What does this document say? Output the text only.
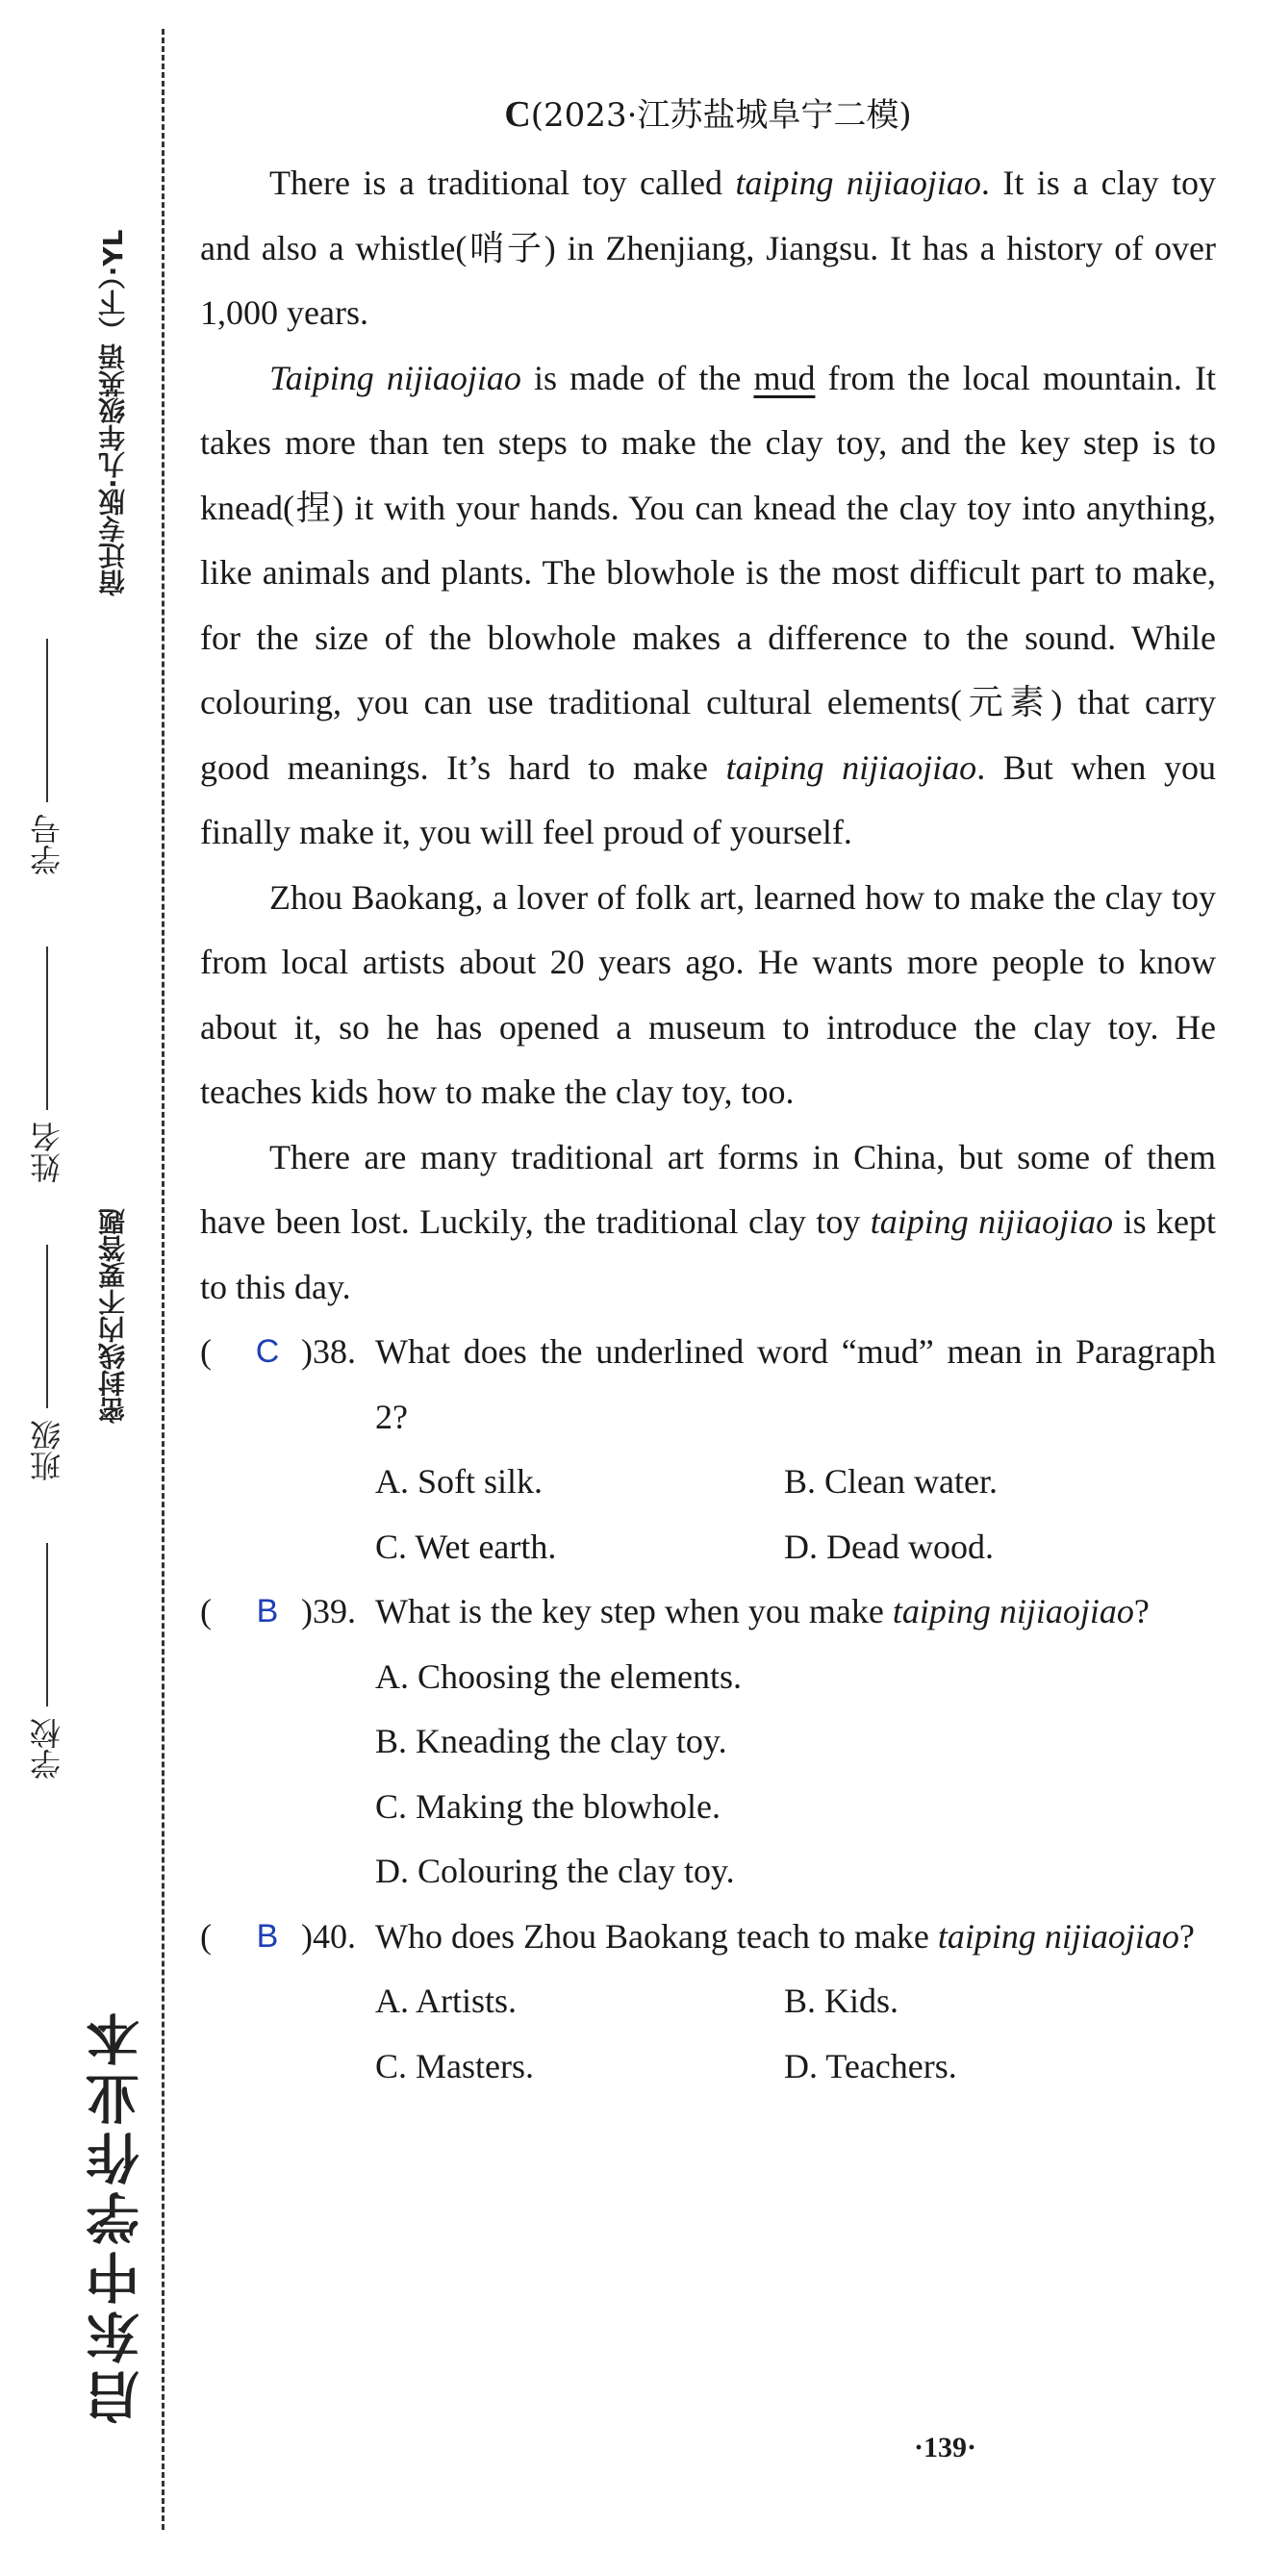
宿迁专版·九年级英语（下）·YL
学号
姓名
密封线内不要答题
班级
学校
启东中学作业本
C(2023·江苏盐城阜宁二模)

There is a traditional toy called taiping nijiaojiao. It is a clay toy and also a whistle(哨子) in Zhenjiang, Jiangsu. It has a history of over 1,000 years.

Taiping nijiaojiao is made of the mud from the local mountain. It takes more than ten steps to make the clay toy, and the key step is to knead(捏) it with your hands. You can knead the clay toy into anything, like animals and plants. The blowhole is the most difficult part to make, for the size of the blowhole makes a difference to the sound. While colouring, you can use traditional cultural elements(元素) that carry good meanings. It’s hard to make taiping nijiaojiao. But when you finally make it, you will feel proud of yourself.

Zhou Baokang, a lover of folk art, learned how to make the clay toy from local artists about 20 years ago. He wants more people to know about it, so he has opened a museum to introduce the clay toy. He teaches kids how to make the clay toy, too.

There are many traditional art forms in China, but some of them have been lost. Luckily, the traditional clay toy taiping nijiaojiao is kept to this day.

(	C )38. What does the underlined word “mud” mean in Paragraph 2?
A. Soft silk.	B. Clean water.
C. Wet earth.	D. Dead wood.
(	B )39. What is the key step when you make taiping nijiaojiao?
A. Choosing the elements.
B. Kneading the clay toy.
C. Making the blowhole.
D. Colouring the clay toy.
(	B )40. Who does Zhou Baokang teach to make taiping nijiaojiao?
A. Artists.	B. Kids.
C. Masters.	D. Teachers.
·139·
